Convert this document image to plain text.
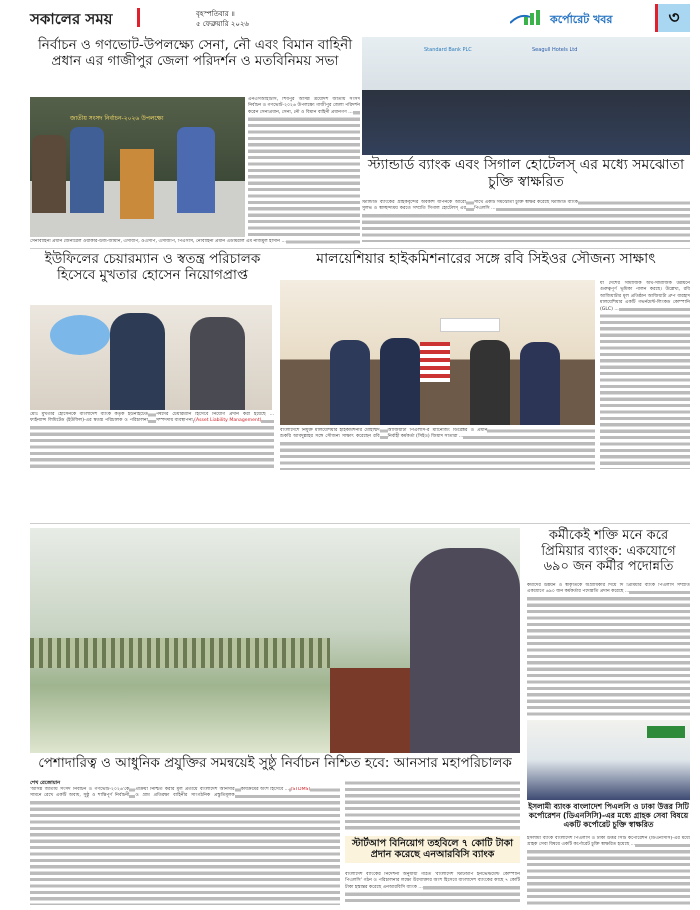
সকালের সময়	বৃহস্পতিবার ॥
৫ ফেব্রুয়ারি ২০২৬	কর্পোরেট খবর	৩
নির্বাচন ও গণভোট-উপলক্ষ্যে সেনা, নৌ এবং বিমান বাহিনী প্রধান এর গাজীপুর জেলা পরিদর্শন ও মতবিনিময় সভা
জাতীয় সংসদ নির্বাচন-২০২৬ উপলক্ষ্যে
এনএসআইটিসি, শিবপুর আসন্ন ত্রয়োদশ জাতীয় সংসদ নির্বাচন ও গণভোট-২০২৬ উপলক্ষ্যে গাজীপুর জেলা পরিদর্শন করেন সেনাপ্রধান, সেনা, নৌ ও বিমান বাহিনী প্রধানগণ ...
সেনাবাহিনী প্রধান জেনারেল ওয়াকার-উজ-জামান, এসবিপি, ওএসপি, এসজিপি, পিএসসি, নৌবাহিনী প্রধান এডমিরাল এম নাজমুল হাসান ...
Standard Bank PLC	Seagull Hotels Ltd
স্ট্যান্ডার্ড ব্যাংক এবং সিগাল হোটেলস্ এর মধ্যে সমঝোতা চুক্তি স্বাক্ষরিত
স্ট্যান্ডার্ড ব্যাংকের গ্রাহকবৃন্দের অবকাশ যাপনকে আরো সুলভ ও স্বাচ্ছন্দ্যময় করতে সম্প্রতি সিগাল হোটেলস্ এর সাথে একটি সমঝোতা চুক্তি স্বাক্ষর করেছে স্ট্যান্ডার্ড ব্যাংক পিএলসি ...
ইউফিলের চেয়ারম্যান ও স্বতন্ত্র পরিচালক হিসেবে মুখতার হোসেন নিয়োগপ্রাপ্ত
মোঃ মুখতার হোসেনকে বাংলাদেশ ব্যাংক কর্তৃক ইউনাইটেড ফাইন্যান্স লিমিটেড (ইউফিল)-এর স্বতন্ত্র পরিচালক ও পরিচালনা পর্ষদের চেয়ারম্যান হিসেবে নিয়োগ প্রদান করা হয়েছে ... সম্পদদায় ব্যবস্থাপনা (Asset Liability Management)
মালয়েশিয়ার হাইকমিশনারের সঙ্গে রবি সিইওর সৌজন্য সাক্ষাৎ
যা দেশের সামাজিক অর্থ-সামাজিক উন্নয়নে গুরুত্বপূর্ণ ভূমিকা পালন করছে। উল্লেখ্য, রবি আজিয়াটার মূল প্রতিষ্ঠান আজিয়াটা গ্রুপ বারহাদ মালয়েশিয়ার একটি গভর্নমেন্ট-লিংকড কোম্পানি (GLC) ...
বাংলাদেশে নিযুক্ত মালয়েশিয়ার হাইকমিশনার মোহাম্মদ শুকরি আবদুল্লাহর সঙ্গে সৌজন্য সাক্ষাৎ করেছেন রবি আজিয়াটা পিএলসি-র ম্যানেজিং ডিরেক্টর ও প্রধান নির্বাহী কর্মকর্তা (সিইও) জিয়াদ সাতারা ...
পেশাদারিত্ব ও আধুনিক প্রযুক্তির সমন্বয়েই সুষ্ঠু নির্বাচন নিশ্চিত হবে: আনসার মহাপরিচালক
শেখ রেজোয়ান
'আসন্ন জাতীয় সংসদ নির্বাচন ও গণভোট-২০২৬'কে সামনে রেখে একটি অবাধ, সুষ্ঠু ও শান্তিপূর্ণ নির্বাচনী প্রক্রিয়া নিশ্চিত করার মূল প্রত্যয়ে বাংলাদেশ আনসার ও গ্রাম প্রতিরক্ষা বাহিনীর সাংগঠনিক প্রস্তুতিমূলক কার্যক্রমের অংশ হিসেবে ... (STDMS)
স্টার্টআপ বিনিয়োগ তহবিলে ৭ কোটি টাকা প্রদান করেছে এনআরবিসি ব্যাংক
বাংলাদেশ ব্যাংকের নির্দেশনা অনুযায়ী গঠিত 'বাংলাদেশ স্টার্টআপ ইনভেস্টমেন্ট কোম্পানি পিএলসি' গঠন ও পরিচালনার লক্ষ্যে উদ্যোক্তার অংশ হিসেবে বাংলাদেশ ব্যাংকের কাছে ৭ কোটি টাকা হস্তান্তর করেছে এনআরবিসি ব্যাংক ...
কর্মীকেই শক্তি মনে করে প্রিমিয়ার ব্যাংক: একযোগে ৬৯০ জন কর্মীর পদোন্নতি
কর্মীদের উন্নয়ন ও স্বীকৃতিকে অগ্রাধিকার দিয়ে দি প্রিমিয়ার ব্যাংক পিএলসি সম্প্রতি একযোগে ৬৯০ জন কর্মকর্তার পদোন্নতি প্রদান করেছে ...
ইসলামী ব্যাংক বাংলাদেশ পিএলসি ও ঢাকা উত্তর সিটি কর্পোরেশন (ডিএনসিসি)-এর মধ্যে গ্রাহক সেবা বিষয়ে একটি কর্পোরেট চুক্তি স্বাক্ষরিত
ইসলামী ব্যাংক বাংলাদেশ পিএলসি ও ঢাকা উত্তর সিটি কর্পোরেশন (ডিএনসিসি)-এর মধ্যে গ্রাহক সেবা বিষয়ে একটি কর্পোরেট চুক্তি স্বাক্ষরিত হয়েছে ...
